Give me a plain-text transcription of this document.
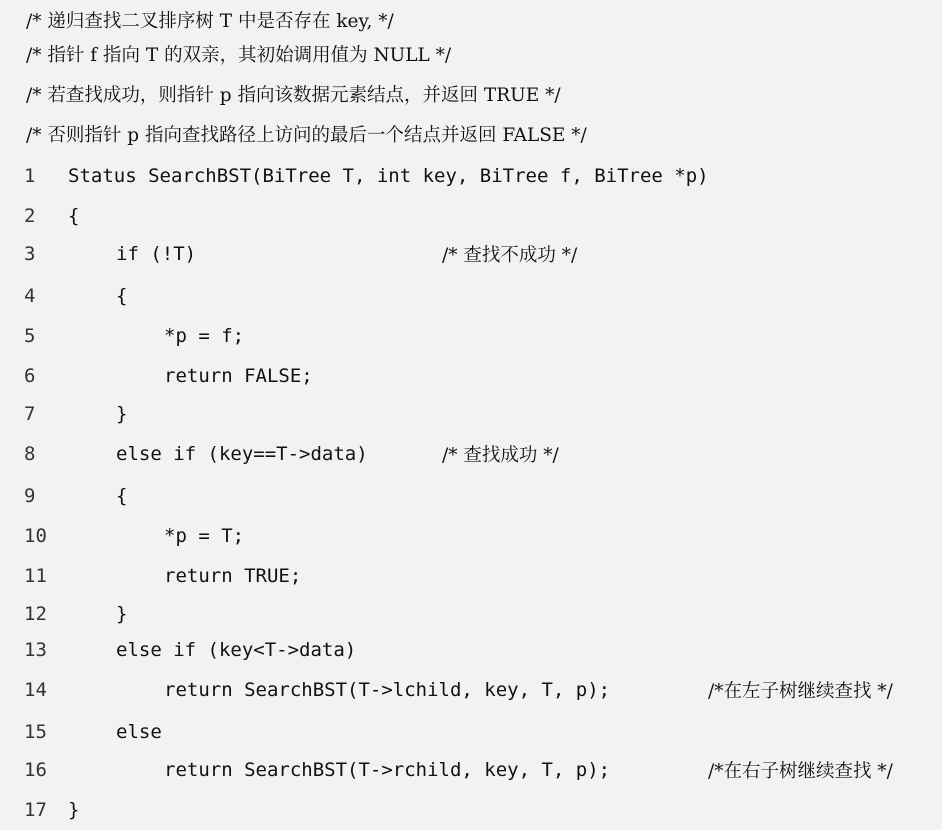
/* 递归查找二叉排序树 T 中是否存在 key, */
/* 指针 f 指向 T 的双亲，其初始调用值为 NULL */
/* 若查找成功，则指针 p 指向该数据元素结点，并返回 TRUE */
/* 否则指针 p 指向查找路径上访问的最后一个结点并返回 FALSE */
1	Status SearchBST(BiTree T, int key, BiTree f, BiTree *p)
2	{
3	if (!T)	/* 查找不成功 */
4	{
5	*p = f;
6	return FALSE;
7	}
8	else if (key==T->data)	/* 查找成功 */
9	{
10	*p = T;
11	return TRUE;
12	}
13	else if (key<T->data)
14	return SearchBST(T->lchild, key, T, p);	/*在左子树继续查找 */
15	else
16	return SearchBST(T->rchild, key, T, p);	/*在右子树继续查找 */
17	}
